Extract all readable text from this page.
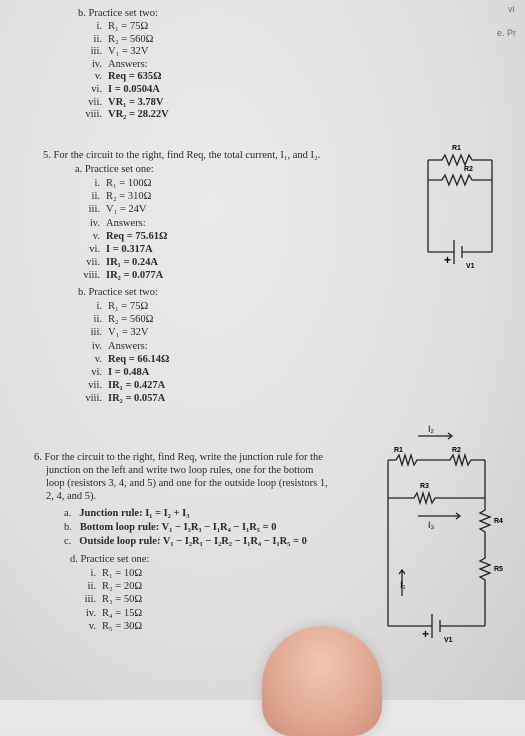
vi
e. Pr
b. Practice set two:
i. R₁ = 75Ω
ii. R₂ = 560Ω
iii. V₁ = 32V
iv. Answers:
v. Req = 635Ω
vi. I = 0.0504A
vii. VR₁ = 3.78V
viii. VR₂ = 28.22V
5. For the circuit to the right, find Req, the total current, I₁, and I₂.
a. Practice set one:
i. R₁ = 100Ω
ii. R₂ = 310Ω
iii. V₁ = 24V
iv. Answers:
v. Req = 75.61Ω
vi. I = 0.317A
vii. IR₁ = 0.24A
viii. IR₂ = 0.077A
b. Practice set two:
i. R₁ = 75Ω
ii. R₂ = 560Ω
iii. V₁ = 32V
iv. Answers:
v. Req = 66.14Ω
vi. I = 0.48A
vii. IR₁ = 0.427A
viii. IR₂ = 0.057A
R1
R2
+ V1
6. For the circuit to the right, find Req, write the junction rule for the
junction on the left and write two loop rules, one for the bottom
loop (resistors 3, 4, and 5) and one for the outside loop (resistors 1,
2, 4, and 5).
a. Junction rule: I₁ = I₂ + I₃
b. Bottom loop rule: V₁ − I₃R₃ − I₁R₄ − I₁R₅ = 0
c. Outside loop rule: V₁ − I₂R₁ − I₂R₂ − I₁R₄ − I₁R₅ = 0
d. Practice set one:
i. R₁ = 10Ω
ii. R₂ = 20Ω
iii. R₃ = 50Ω
iv. R₄ = 15Ω
v. R₅ = 30Ω
I₂
R1	R2
R3
I₃	R4
R5
I₁
+ V1
